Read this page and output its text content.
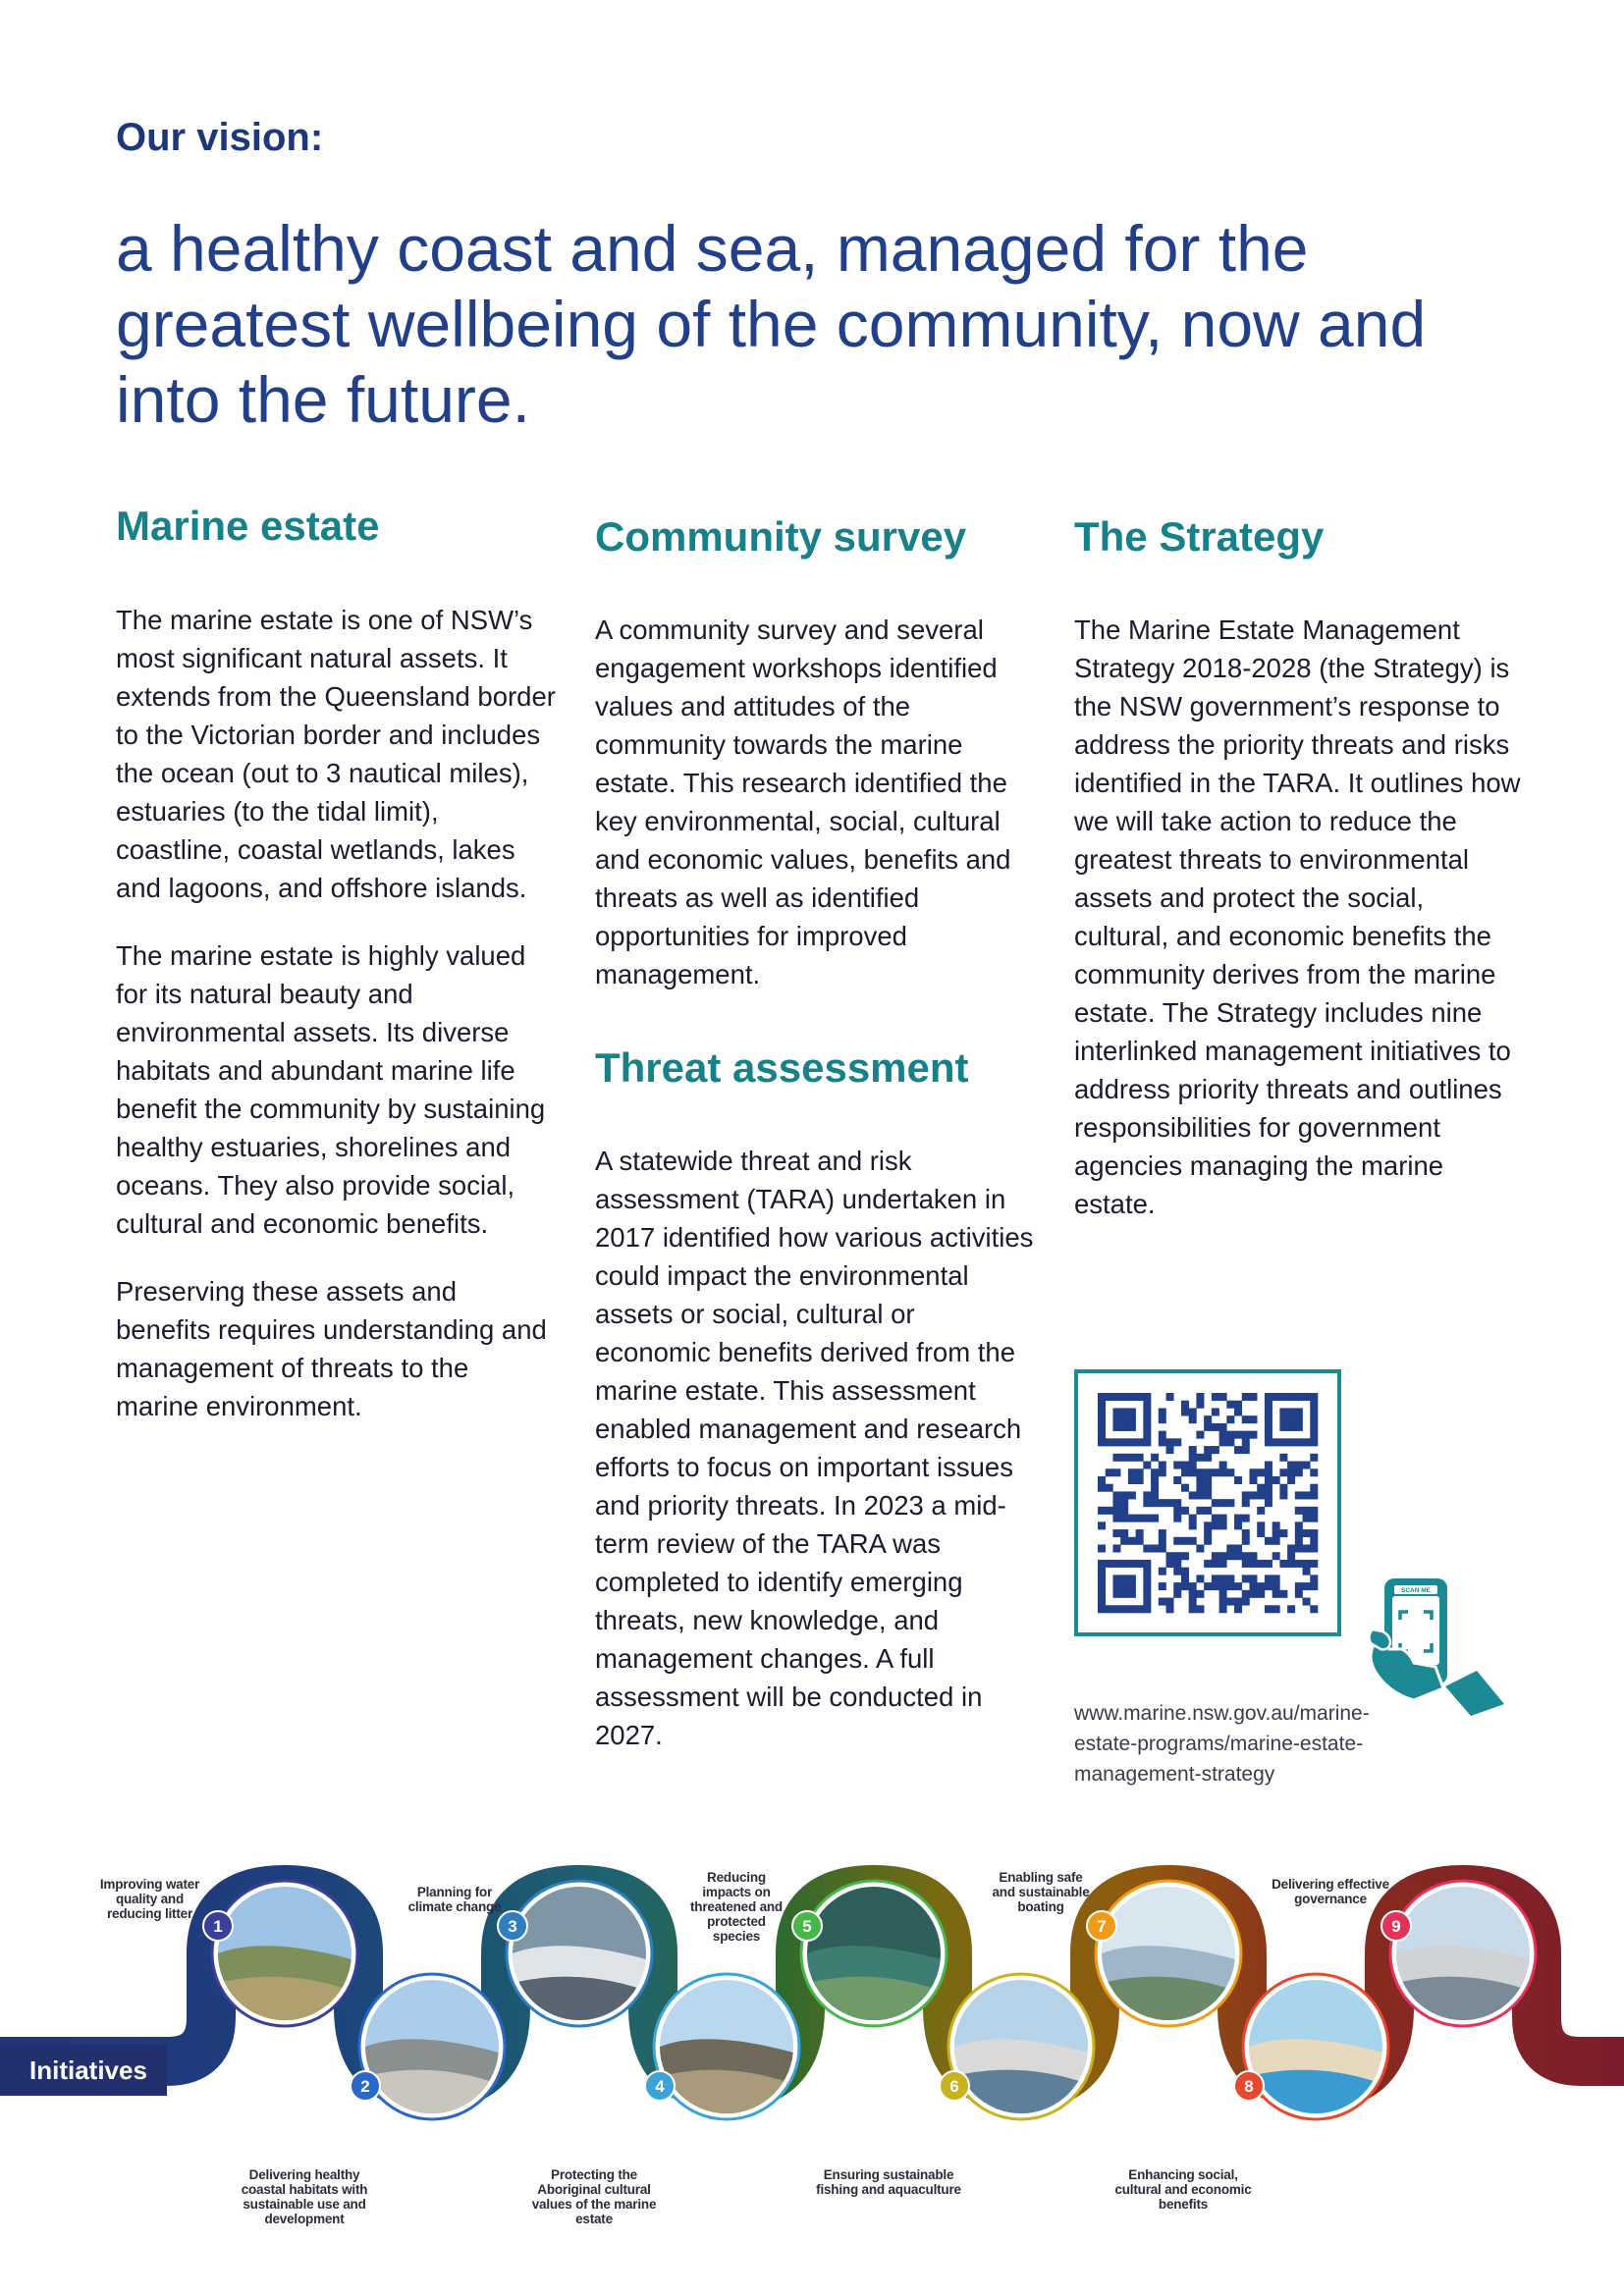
Our vision:
a healthy coast and sea, managed for the greatest wellbeing of the community, now and into the future.
Marine estate

The marine estate is one of NSW’s most significant natural assets. It extends from the Queensland border to the Victorian border and includes the ocean (out to 3 nautical miles), estuaries (to the tidal limit), coastline, coastal wetlands, lakes and lagoons, and offshore islands.

The marine estate is highly valued for its natural beauty and environmental assets. Its diverse habitats and abundant marine life benefit the community by sustaining healthy estuaries, shorelines and oceans. They also provide social, cultural and economic benefits.

Preserving these assets and benefits requires understanding and management of threats to the marine environment.

Community survey

A community survey and several engagement workshops identified values and attitudes of the community towards the marine estate. This research identified the key environmental, social, cultural and economic values, benefits and threats as well as identified opportunities for improved management.

Threat assessment

A statewide threat and risk assessment (TARA) undertaken in 2017 identified how various activities could impact the environmental assets or social, cultural or economic benefits derived from the marine estate. This assessment enabled management and research efforts to focus on important issues and priority threats. In 2023 a mid-term review of the TARA was completed to identify emerging threats, new knowledge, and management changes. A full assessment will be conducted in 2027.

The Strategy

The Marine Estate Management Strategy 2018-2028 (the Strategy) is the NSW government’s response to address the priority threats and risks identified in the TARA. It outlines how we will take action to reduce the greatest threats to environmental assets and protect the social, cultural, and economic benefits the community derives from the marine estate. The Strategy includes nine interlinked management initiatives to address priority threats and outlines responsibilities for government agencies managing the marine estate.

SCAN ME
www.marine.nsw.gov.au/marine-estate-programs/marine-estate-management-strategy
1
2
3
4
5
6
7
8
9
Initiatives
Improving water quality and reducing litter
Delivering healthy coastal habitats with sustainable use and development
Planning for climate change
Protecting the Aboriginal cultural values of the marine estate
Reducing impacts on threatened and protected species
Ensuring sustainable fishing and aquaculture
Enabling safe and sustainable boating
Enhancing social, cultural and economic benefits
Delivering effective governance
